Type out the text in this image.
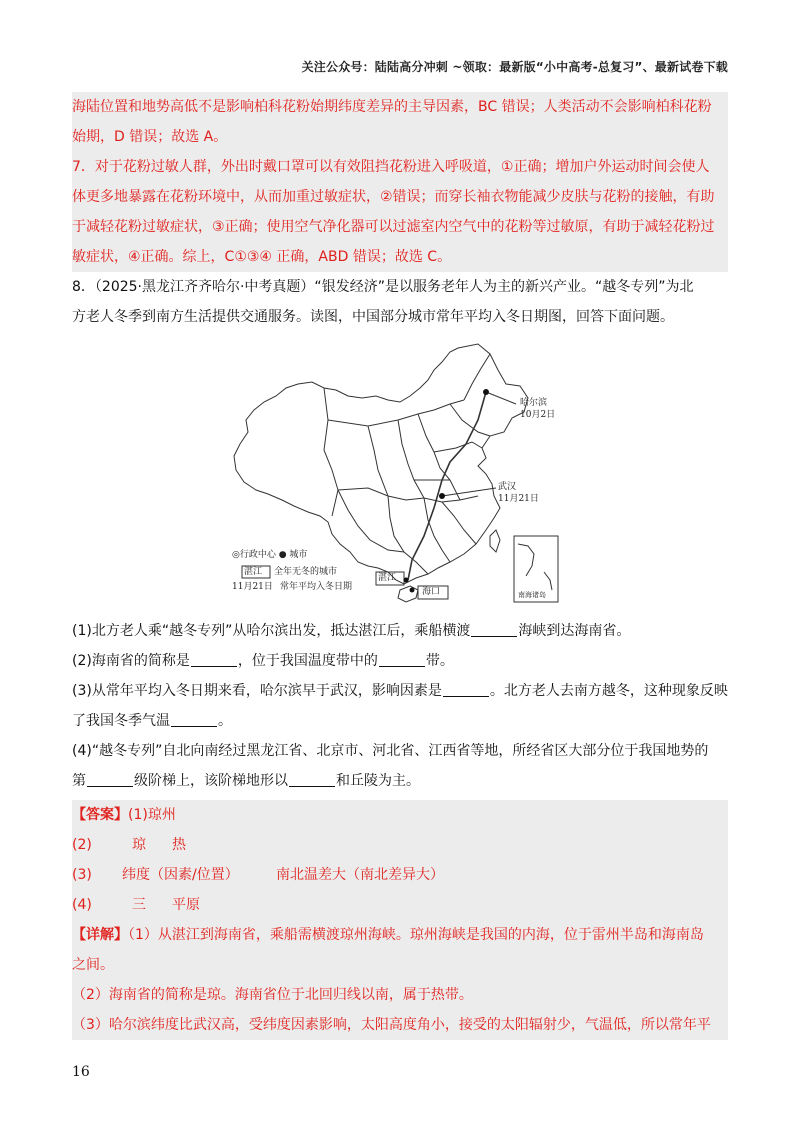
关注公众号：陆陆高分冲刺 ~领取：最新版“小中高考-总复习”、最新试卷下载
海陆位置和地势高低不是影响柏科花粉始期纬度差异的主导因素，BC 错误；人类活动不会影响柏科花粉
始期，D 错误；故选 A。
7．对于花粉过敏人群，外出时戴口罩可以有效阻挡花粉进入呼吸道，①正确；增加户外运动时间会使人
体更多地暴露在花粉环境中，从而加重过敏症状，②错误；而穿长袖衣物能减少皮肤与花粉的接触，有助
于减轻花粉过敏症状，③正确；使用空气净化器可以过滤室内空气中的花粉等过敏原，有助于减轻花粉过
敏症状，④正确。综上，C①③④ 正确，ABD 错误；故选 C。
8．（2025·黑龙江齐齐哈尔·中考真题）“银发经济”是以服务老年人为主的新兴产业。“越冬专列”为北
方老人冬季到南方生活提供交通服务。读图，中国部分城市常年平均入冬日期图，回答下面问题。
哈尔滨
10月2日
武汉
11月21日
◎行政中心 ● 城市
湛江 全年无冬的城市
11月21日 常年平均入冬日期
湛江
海口	南海诸岛
(1)北方老人乘“越冬专列”从哈尔滨出发，抵达湛江后，乘船横渡	海峡到达海南省。
(2)海南省的简称是	，位于我国温度带中的	带。
(3)从常年平均入冬日期来看，哈尔滨早于武汉，影响因素是	。北方老人去南方越冬，这种现象反映
了我国冬季气温	。
(4)“越冬专列”自北向南经过黑龙江省、北京市、河北省、江西省等地，所经省区大部分位于我国地势的
第	级阶梯上，该阶梯地形以	和丘陵为主。
【答案】(1)琼州
(2)	琼	热
(3)	纬度（因素/位置）	南北温差大（南北差异大）
(4)	三	平原
【详解】（1）从湛江到海南省，乘船需横渡琼州海峡。琼州海峡是我国的内海，位于雷州半岛和海南岛
之间。
（2）海南省的简称是琼。海南省位于北回归线以南，属于热带。
（3）哈尔滨纬度比武汉高，受纬度因素影响，太阳高度角小，接受的太阳辐射少，气温低，所以常年平
16
